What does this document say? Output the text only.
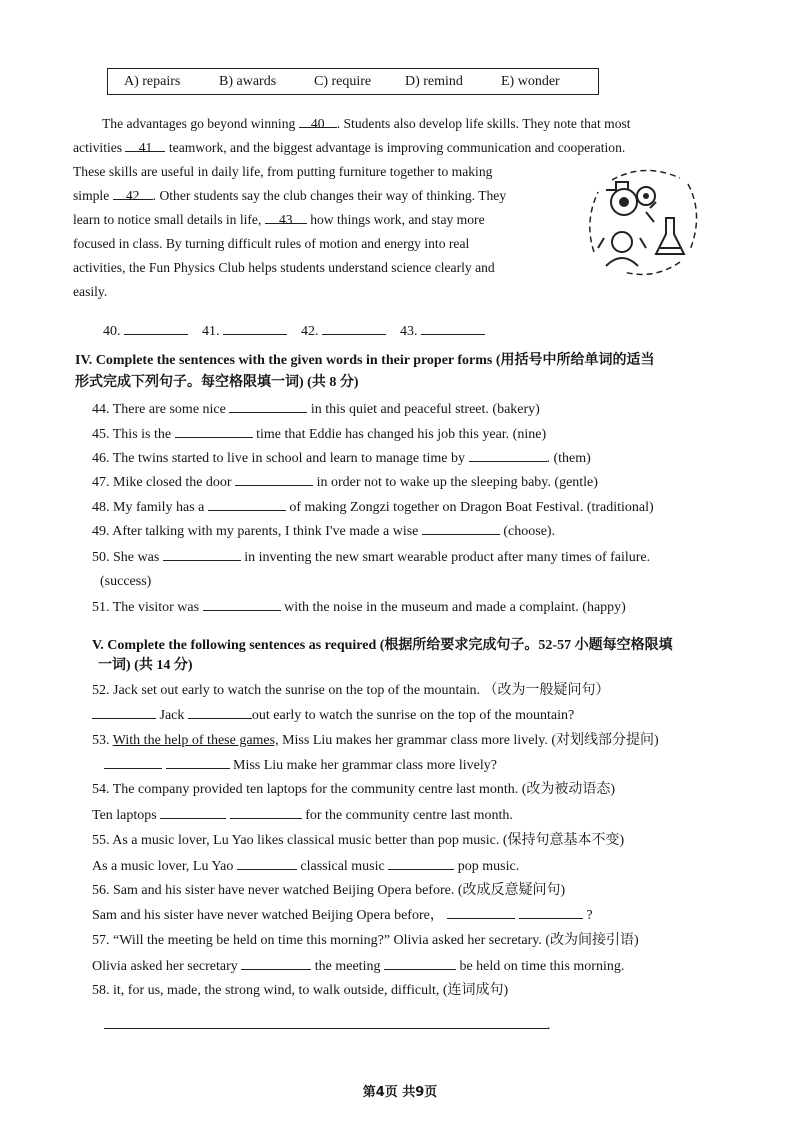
A) repairs	B) awards	C) require D) remind	E) wonder
The advantages go beyond winning 40 . Students also develop life skills. They note that most
activities 41 teamwork, and the biggest advantage is improving communication and cooperation.
These skills are useful in daily life, from putting furniture together to making
simple 42 . Other students say the club changes their way of thinking. They
learn to notice small details in life, 43 how things work, and stay more
focused in class. By turning difficult rules of motion and energy into real
activities, the Fun Physics Club helps students understand science clearly and
easily.
40.	41.	42.	43.
IV. Complete the sentences with the given words in their proper forms (用括号中所给单词的适当
形式完成下列句子。每空格限填一词) (共 8 分)
44. There are some nice	in this quiet and peaceful street. (bakery)
45. This is the	time that Eddie has changed his job this year. (nine)
46. The twins started to live in school and learn to manage time by	. (them)
47. Mike closed the door	in order not to wake up the sleeping baby. (gentle)
48. My family has a	of making Zongzi together on Dragon Boat Festival. (traditional)
49. After talking with my parents, I think I've made a wise	(choose).
50. She was	in inventing the new smart wearable product after many times of failure.
(success)
51. The visitor was	with the noise in the museum and made a complaint. (happy)
V. Complete the following sentences as required (根据所给要求完成句子。52-57 小题每空格限填
一词) (共 14 分)
52. Jack set out early to watch the sunrise on the top of the mountain. （改为一般疑问句）
Jack	out early to watch the sunrise on the top of the mountain?
53. With the help of these games, Miss Liu makes her grammar class more lively. (对划线部分提问)
Miss Liu make her grammar class more lively?
54. The company provided ten laptops for the community centre last month. (改为被动语态)
Ten laptops	for the community centre last month.
55. As a music lover, Lu Yao likes classical music better than pop music. (保持句意基本不变)
As a music lover, Lu Yao	classical music	pop music.
56. Sam and his sister have never watched Beijing Opera before. (改成反意疑问句)
Sam and his sister have never watched Beijing Opera before，	?
57. “Will the meeting be held on time this morning?” Olivia asked her secretary. (改为间接引语)
Olivia asked her secretary	the meeting	be held on time this morning.
58. it, for us, made, the strong wind, to walk outside, difficult, (连词成句)
.
第4页 共9页
